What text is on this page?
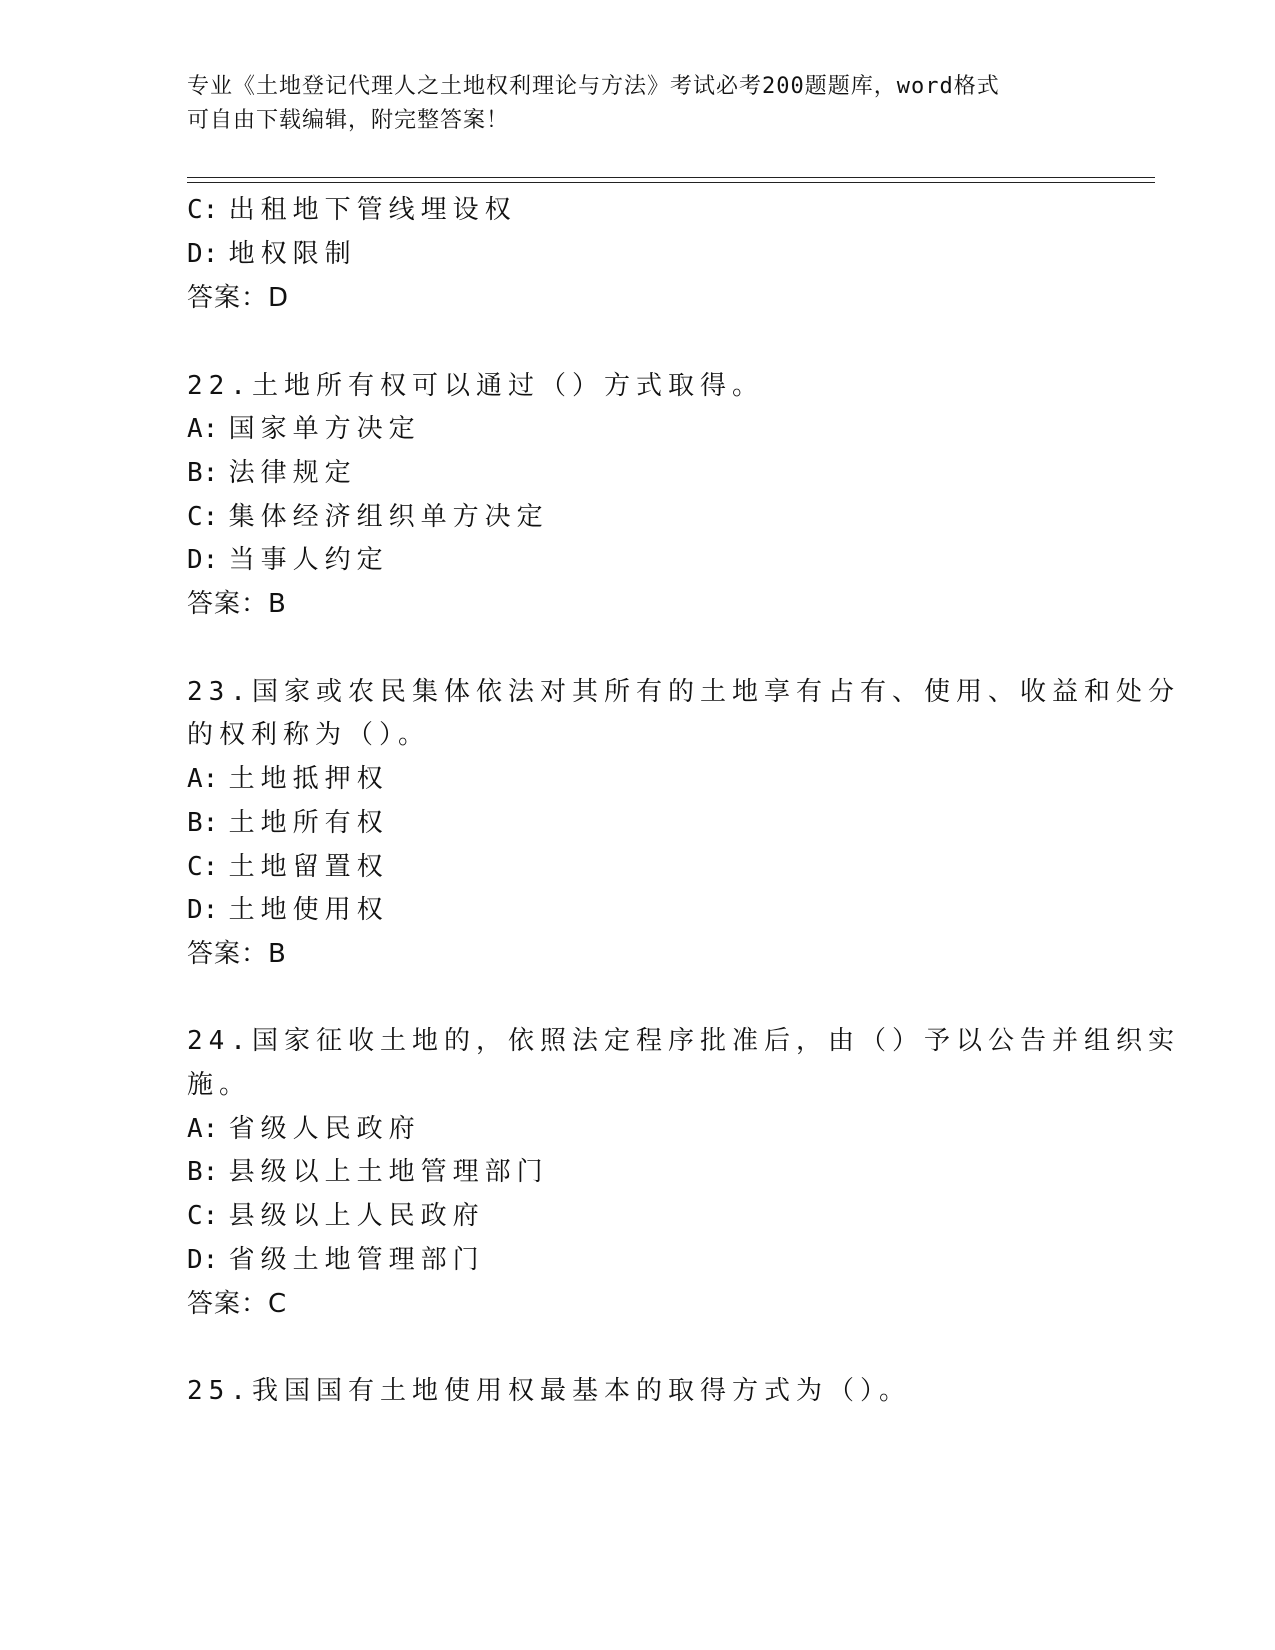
专业《土地登记代理人之土地权利理论与方法》考试必考200题题库，word格式
可自由下载编辑，附完整答案！
C: 出租地下管线埋设权
D: 地权限制
答案：D
22.土地所有权可以通过（）方式取得。
A: 国家单方决定
B: 法律规定
C: 集体经济组织单方决定
D: 当事人约定
答案：B
23.国家或农民集体依法对其所有的土地享有占有、使用、收益和处分
的权利称为（）。
A: 土地抵押权
B: 土地所有权
C: 土地留置权
D: 土地使用权
答案：B
24.国家征收土地的，依照法定程序批准后，由（）予以公告并组织实
施。
A: 省级人民政府
B: 县级以上土地管理部门
C: 县级以上人民政府
D: 省级土地管理部门
答案：C
25.我国国有土地使用权最基本的取得方式为（）。
